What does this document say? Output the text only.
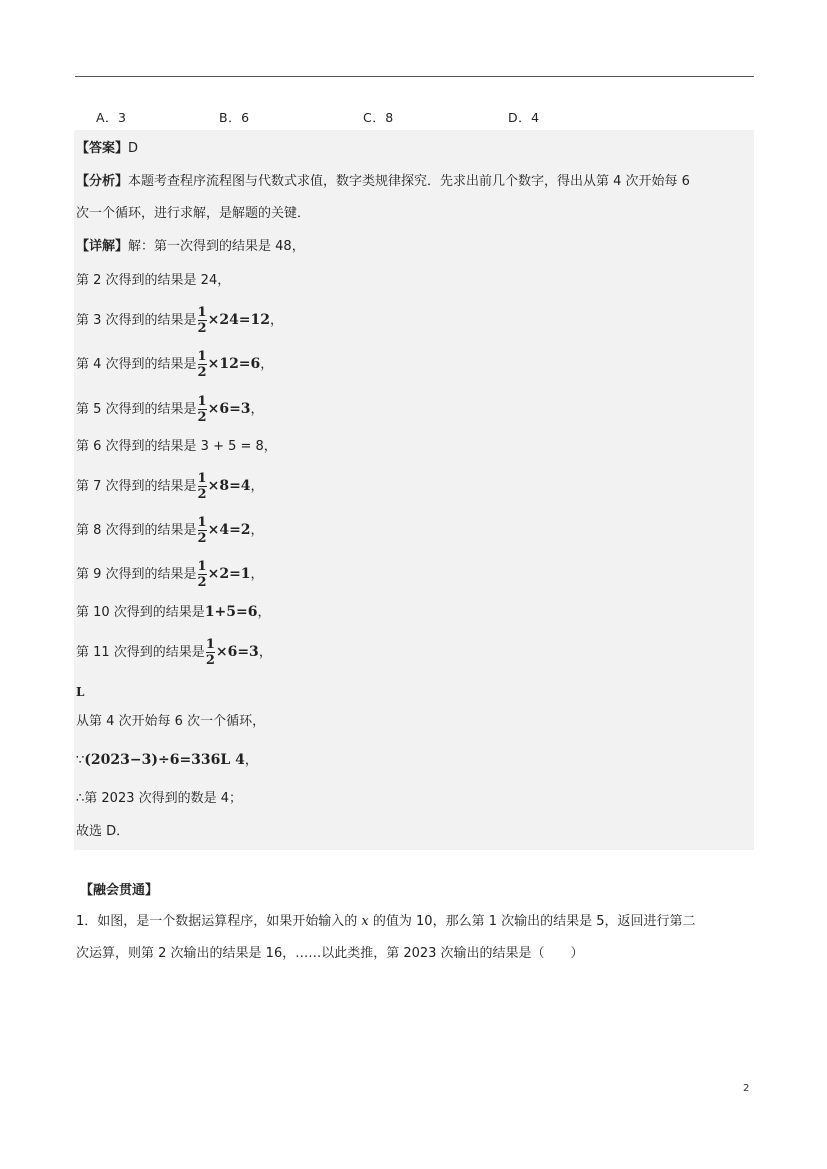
A．3	B．6	C．8	D．4
【答案】D
【分析】本题考查程序流程图与代数式求值，数字类规律探究．先求出前几个数字，得出从第 4 次开始每 6
次一个循环，进行求解，是解题的关键．
【详解】解：第一次得到的结果是 48，
第 2 次得到的结果是 24，
第 3 次得到的结果是 $\frac{1}{2} \times 24=12$，
第 4 次得到的结果是 $\frac{1}{2} \times 12=6$，
第 5 次得到的结果是 $\frac{1}{2} \times 6=3$，
第 6 次得到的结果是 3 + 5 = 8，
第 7 次得到的结果是 $\frac{1}{2} \times 8=4$，
第 8 次得到的结果是 $\frac{1}{2} \times 4=2$，
第 9 次得到的结果是 $\frac{1}{2} \times 2=1$，
第 10 次得到的结果是1+5=6，
第 11 次得到的结果是 $\frac{1}{2} \times 6=3$，
L
从第 4 次开始每 6 次一个循环，
∵(2023−3)÷6=336L 4，
∴第 2023 次得到的数是 4；
故选 D．
【融会贯通】
1．如图，是一个数据运算程序，如果开始输入的 x 的值为 10，那么第 1 次输出的结果是 5，返回进行第二
次运算，则第 2 次输出的结果是 16，……以此类推，第 2023 次输出的结果是（　　）
2
